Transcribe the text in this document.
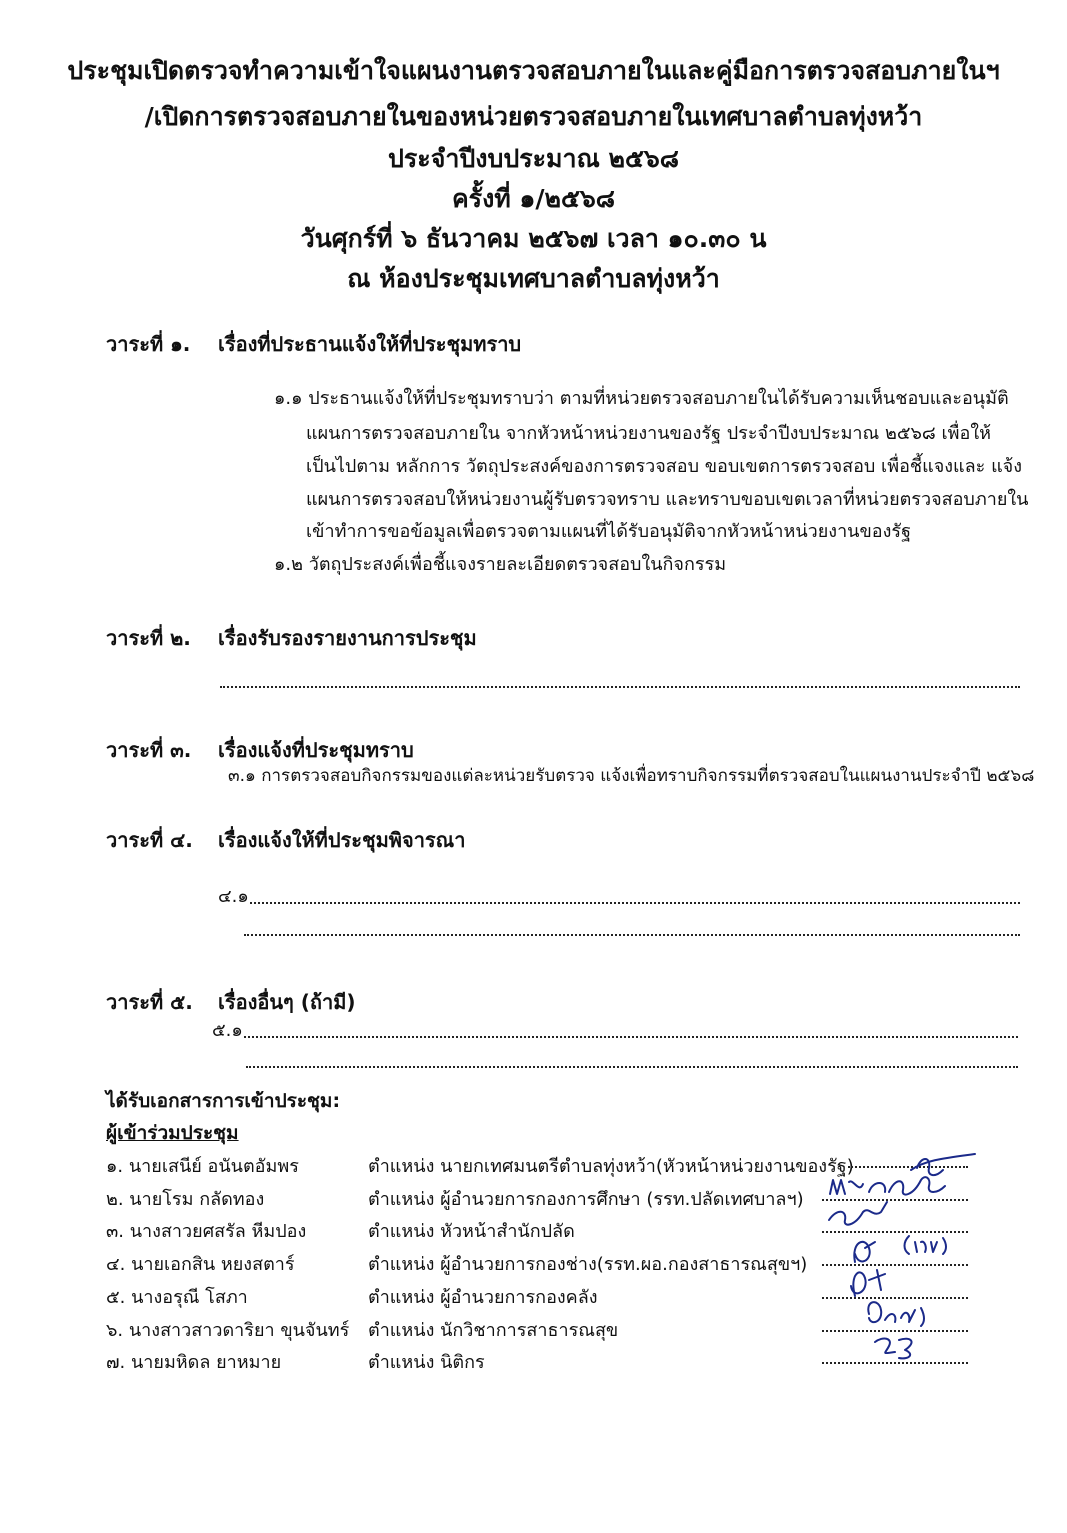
ประชุมเปิดตรวจทำความเข้าใจแผนงานตรวจสอบภายในและคู่มือการตรวจสอบภายในฯ
/เปิดการตรวจสอบภายในของหน่วยตรวจสอบภายในเทศบาลตำบลทุ่งหว้า
ประจำปีงบประมาณ ๒๕๖๘
ครั้งที่ ๑/๒๕๖๘
วันศุกร์ที่ ๖ ธันวาคม ๒๕๖๗ เวลา ๑๐.๓๐ น
ณ ห้องประชุมเทศบาลตำบลทุ่งหว้า
วาระที่ ๑. เรื่องที่ประธานแจ้งให้ที่ประชุมทราบ
๑.๑ ประธานแจ้งให้ที่ประชุมทราบว่า ตามที่หน่วยตรวจสอบภายในได้รับความเห็นชอบและอนุมัติ
แผนการตรวจสอบภายใน จากหัวหน้าหน่วยงานของรัฐ ประจำปีงบประมาณ ๒๕๖๘ เพื่อให้
เป็นไปตาม หลักการ วัตถุประสงค์ของการตรวจสอบ ขอบเขตการตรวจสอบ เพื่อชี้แจงและ แจ้ง
แผนการตรวจสอบให้หน่วยงานผู้รับตรวจทราบ และทราบขอบเขตเวลาที่หน่วยตรวจสอบภายใน
เข้าทำการขอข้อมูลเพื่อตรวจตามแผนที่ได้รับอนุมัติจากหัวหน้าหน่วยงานของรัฐ
๑.๒ วัตถุประสงค์เพื่อชี้แจงรายละเอียดตรวจสอบในกิจกรรม
วาระที่ ๒. เรื่องรับรองรายงานการประชุม
วาระที่ ๓. เรื่องแจ้งที่ประชุมทราบ
๓.๑ การตรวจสอบกิจกรรมของแต่ละหน่วยรับตรวจ แจ้งเพื่อทราบกิจกรรมที่ตรวจสอบในแผนงานประจำปี ๒๕๖๘
วาระที่ ๔. เรื่องแจ้งให้ที่ประชุมพิจารณา
๔.๑
วาระที่ ๕. เรื่องอื่นๆ (ถ้ามี)
๕.๑
ได้รับเอกสารการเข้าประชุม:
ผู้เข้าร่วมประชุม
๑. นายเสนีย์ อนันตอัมพร	ตำแหน่ง นายกเทศมนตรีตำบลทุ่งหว้า(หัวหน้าหน่วยงานของรัฐ)
๒. นายโรม กลัดทอง	ตำแหน่ง ผู้อำนวยการกองการศึกษา (รรท.ปลัดเทศบาลฯ)
๓. นางสาวยศสรัล หีมปอง	ตำแหน่ง หัวหน้าสำนักปลัด
๔. นายเอกสิน หยงสตาร์	ตำแหน่ง ผู้อำนวยการกองช่าง(รรท.ผอ.กองสาธารณสุขฯ)
๕. นางอรุณี โสภา	ตำแหน่ง ผู้อำนวยการกองคลัง
๖. นางสาวสาวดาริยา ขุนจันทร์ ตำแหน่ง นักวิชาการสาธารณสุข
๗. นายมหิดล ยาหมาย	ตำแหน่ง นิติกร
